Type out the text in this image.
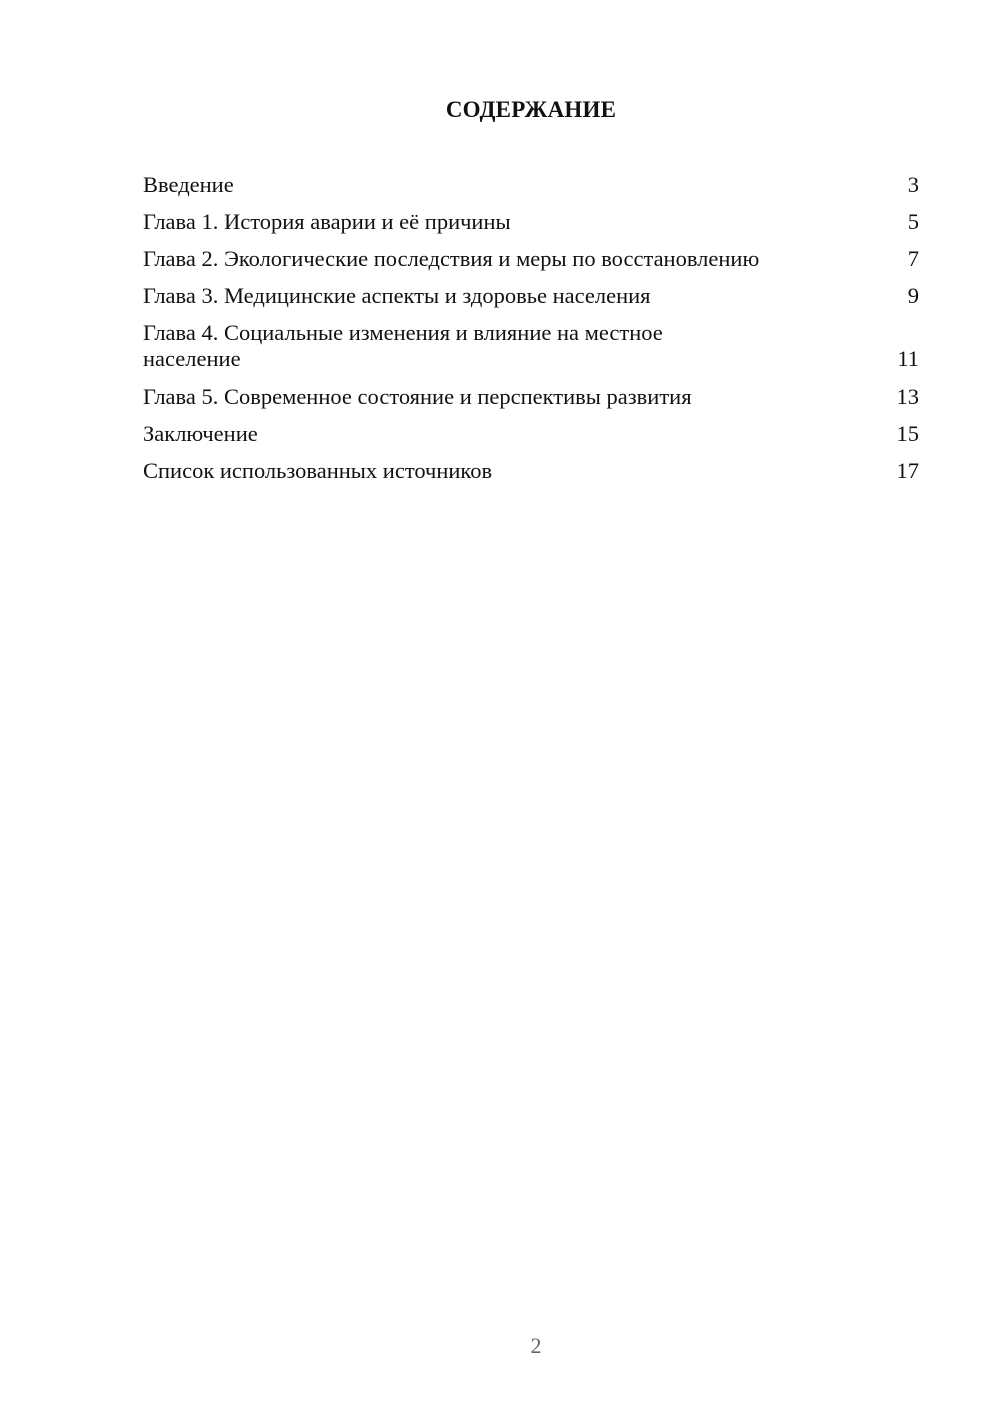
СОДЕРЖАНИЕ
Введение	3
Глава 1. История аварии и её причины	5
Глава 2. Экологические последствия и меры по восстановлению	7
Глава 3. Медицинские аспекты и здоровье населения	9
Глава 4. Социальные изменения и влияние на местное население	11
Глава 5. Современное состояние и перспективы развития	13
Заключение	15
Список использованных источников	17
2
